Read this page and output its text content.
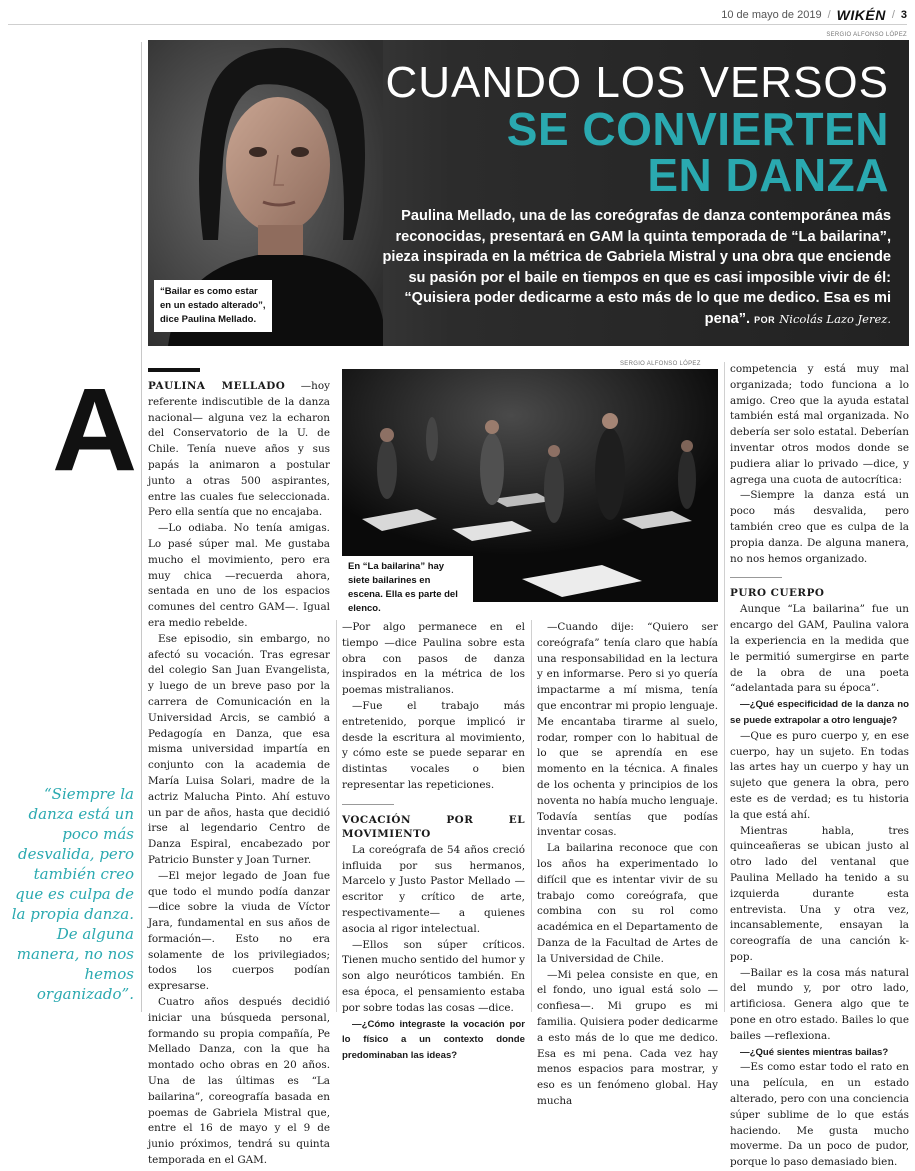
10 de mayo de 2019 / WIKÉN / 3
SERGIO ALFONSO LÓPEZ
“Bailar es como estar en un estado alterado”, dice Paulina Mellado.
CUANDO LOS VERSOS
SE CONVIERTEN
EN DANZA
Paulina Mellado, una de las coreógrafas de danza contemporánea más reconocidas, presentará en GAM la quinta temporada de “La bailarina”, pieza inspirada en la métrica de Gabriela Mistral y una obra que enciende su pasión por el baile en tiempos en que es casi imposible vivir de él: “Quisiera poder dedicarme a esto más de lo que me dedico. Esa es mi pena”. POR Nicolás Lazo Jerez.
A
“Siempre la danza está un poco más desvalida, pero también creo que es culpa de la propia danza. De alguna manera, no nos hemos organizado”.

PAULINA MELLADO —hoy referente indiscutible de la danza nacional— alguna vez la echaron del Conservatorio de la U. de Chile. Tenía nueve años y sus papás la animaron a postular junto a otras 500 aspirantes, entre las cuales fue seleccionada. Pero ella sentía que no encajaba.

—Lo odiaba. No tenía amigas. Lo pasé súper mal. Me gustaba mucho el movimiento, pero era muy chica —recuerda ahora, sentada en uno de los espacios comunes del centro GAM—. Igual era medio rebelde.

Ese episodio, sin embargo, no afectó su vocación. Tras egresar del colegio San Juan Evangelista, y luego de un breve paso por la carrera de Comunicación en la Universidad Arcis, se cambió a Pedagogía en Danza, que esa misma universidad impartía en conjunto con la academia de María Luisa Solari, madre de la actriz Malucha Pinto. Ahí estuvo un par de años, hasta que decidió irse al legendario Centro de Danza Espiral, encabezado por Patricio Bunster y Joan Turner.

—El mejor legado de Joan fue que todo el mundo podía danzar —dice sobre la viuda de Víctor Jara, fundamental en sus años de formación—. Esto no era solamente de los privilegiados; todos los cuerpos podían expresarse.

Cuatro años después decidió iniciar una búsqueda personal, formando su propia compañía, Pe Mellado Danza, con la que ha montado ocho obras en 20 años. Una de las últimas es “La bailarina”, coreografía basada en poemas de Gabriela Mistral que, entre el 16 de mayo y el 9 de junio próximos, tendrá su quinta temporada en el GAM.

SERGIO ALFONSO LÓPEZ
En “La bailarina” hay siete bailarines en escena. Ella es parte del elenco.

—Por algo permanece en el tiempo —dice Paulina sobre esta obra con pasos de danza inspirados en la métrica de los poemas mistralianos.

—Fue el trabajo más entretenido, porque implicó ir desde la escritura al movimiento, y cómo este se puede separar en distintas vocales o bien representar las repeticiones.

VOCACIÓN POR EL MOVIMIENTO

La coreógrafa de 54 años creció influida por sus hermanos, Marcelo y Justo Pastor Mellado —escritor y crítico de arte, respectivamente— a quienes asocia al rigor intelectual.

—Ellos son súper críticos. Tienen mucho sentido del humor y son algo neuróticos también. En esa época, el pensamiento estaba por sobre todas las cosas —dice.

—¿Cómo integraste la vocación por lo físico a un contexto donde predominaban las ideas?

—Cuando dije: “Quiero ser coreógrafa” tenía claro que había una responsabilidad en la lectura y en informarse. Pero si yo quería impactarme a mí misma, tenía que encontrar mi propio lenguaje. Me encantaba tirarme al suelo, rodar, romper con lo habitual de lo que se aprendía en ese momento en la técnica. A finales de los ochenta y principios de los noventa no había mucho lenguaje. Todavía sentías que podías inventar cosas.

La bailarina reconoce que con los años ha experimentado lo difícil que es intentar vivir de su trabajo como coreógrafa, que combina con su rol como académica en el Departamento de Danza de la Facultad de Artes de la Universidad de Chile.

—Mi pelea consiste en que, en el fondo, uno igual está solo —confiesa—. Mi grupo es mi familia. Quisiera poder dedicarme a esto más de lo que me dedico. Esa es mi pena. Cada vez hay menos espacios para mostrar, y eso es un fenómeno global. Hay mucha

competencia y está muy mal organizada; todo funciona a lo amigo. Creo que la ayuda estatal también está mal organizada. No debería ser solo estatal. Deberían inventar otros modos donde se pudiera aliar lo privado —dice, y agrega una cuota de autocrítica:

—Siempre la danza está un poco más desvalida, pero también creo que es culpa de la propia danza. De alguna manera, no nos hemos organizado.

PURO CUERPO

Aunque “La bailarina” fue un encargo del GAM, Paulina valora la experiencia en la medida que le permitió sumergirse en parte de la obra de una poeta “adelantada para su época”.

—¿Qué especificidad de la danza no se puede extrapolar a otro lenguaje?

—Que es puro cuerpo y, en ese cuerpo, hay un sujeto. En todas las artes hay un cuerpo y hay un sujeto que genera la obra, pero este es de verdad; es tu historia la que está ahí.

Mientras habla, tres quinceañeras se ubican justo al otro lado del ventanal que Paulina Mellado ha tenido a su izquierda durante esta entrevista. Una y otra vez, incansablemente, ensayan la coreografía de una canción k-pop.

—Bailar es la cosa más natural del mundo y, por otro lado, artificiosa. Genera algo que te pone en otro estado. Bailes lo que bailes —reflexiona.

—¿Qué sientes mientras bailas?

—Es como estar todo el rato en una película, en un estado alterado, pero con una conciencia súper sublime de lo que estás haciendo. Me gusta mucho moverme. Da un poco de pudor, porque lo paso demasiado bien.
